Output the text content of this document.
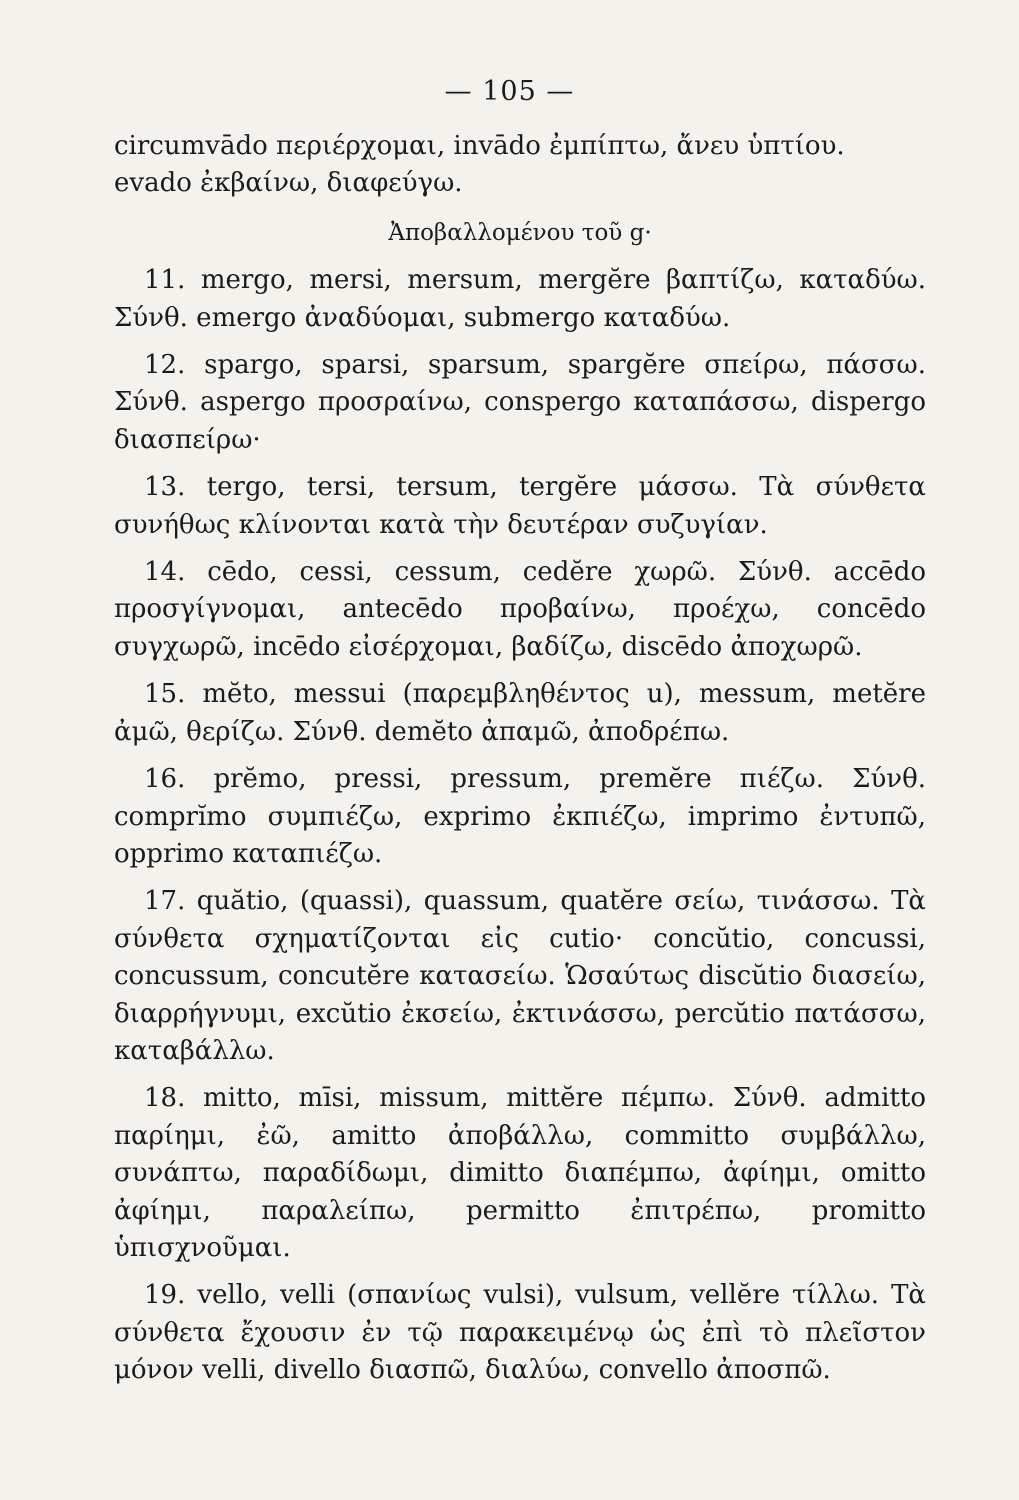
— 105 —

circumvādo περιέρχομαι, invādo ἐμπίπτω, ἄνευ ὑπτίου.

evado ἐκβαίνω, διαφεύγω.

Ἀποβαλλομένου τοῦ g·

11. mergo, mersi, mersum, mergĕre βαπτίζω, καταδύω. Σύνθ. emergo ἀναδύομαι, submergo καταδύω.

12. spargo, sparsi, sparsum, spargĕre σπείρω, πάσσω. Σύνθ. aspergo προσραίνω, conspergo καταπάσσω, dispergo διασπείρω·

13. tergo, tersi, tersum, tergĕre μάσσω. Τὰ σύνθετα συνήθως κλίνονται κατὰ τὴν δευτέραν συζυγίαν.

14. cēdo, cessi, cessum, cedĕre χωρῶ. Σύνθ. accēdo προσγίγνομαι, antecēdo προβαίνω, προέχω, concēdo συγχωρῶ, incēdo εἰσέρχομαι, βαδίζω, discēdo ἀποχωρῶ.

15. mĕto, messui (παρεμβληθέντος u), messum, metĕre ἀμῶ, θερίζω. Σύνθ. demĕto ἀπαμῶ, ἀποδρέπω.

16. prĕmo, pressi, pressum, premĕre πιέζω. Σύνθ. comprĭmo συμπιέζω, exprimo ἐκπιέζω, imprimo ἐντυπῶ, opprimo καταπιέζω.

17. quătio, (quassi), quassum, quatĕre σείω, τινάσσω. Τὰ σύνθετα σχηματίζονται εἰς cutio· concŭtio, concussi, concussum, concutĕre κατασείω. Ὡσαύτως discŭtio διασείω, διαρρήγνυμι, excŭtio ἐκσείω, ἐκτινάσσω, percŭtio πατάσσω, καταβάλλω.

18. mitto, mīsi, missum, mittĕre πέμπω. Σύνθ. admitto παρίημι, ἐῶ, amitto ἀποβάλλω, committo συμβάλλω, συνάπτω, παραδίδωμι, dimitto διαπέμπω, ἀφίημι, omitto ἀφίημι, παραλείπω, permitto ἐπιτρέπω, promitto ὑπισχνοῦμαι.

19. vello, velli (σπανίως vulsi), vulsum, vellĕre τίλλω. Τὰ σύνθετα ἔχουσιν ἐν τῷ παρακειμένῳ ὡς ἐπὶ τὸ πλεῖστον μόνον velli, divello διασπῶ, διαλύω, convello ἀποσπῶ.
